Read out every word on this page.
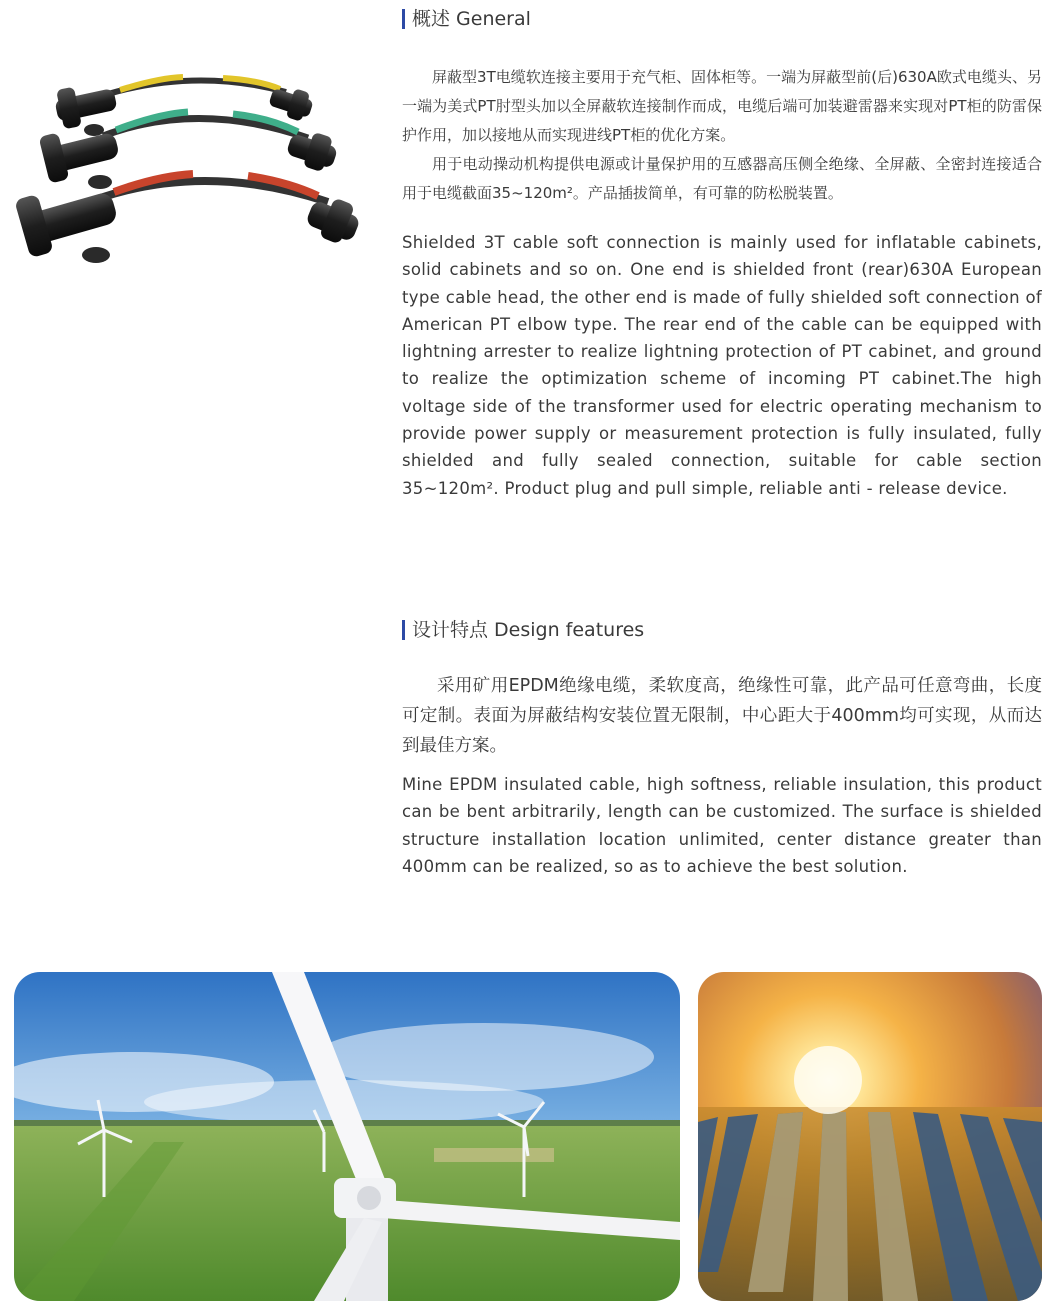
概述 General

屏蔽型3T电缆软连接主要用于充气柜、固体柜等。一端为屏蔽型前(后)630A欧式电缆头、另一端为美式PT肘型头加以全屏蔽软连接制作而成，电缆后端可加装避雷器来实现对PT柜的防雷保护作用，加以接地从而实现进线PT柜的优化方案。

用于电动操动机构提供电源或计量保护用的互感器高压侧全绝缘、全屏蔽、全密封连接适合用于电缆截面35~120m²。产品插拔简单，有可靠的防松脱装置。

Shielded 3T cable soft connection is mainly used for inflatable cabinets, solid cabinets and so on. One end is shielded front (rear)630A European type cable head, the other end is made of fully shielded soft connection of American PT elbow type. The rear end of the cable can be equipped with lightning arrester to realize lightning protection of PT cabinet, and ground to realize the optimization scheme of incoming PT cabinet.The high voltage side of the transformer used for electric operating mechanism to provide power supply or measurement protection is fully insulated, fully shielded and fully sealed connection, suitable for cable section 35~120m². Product plug and pull simple, reliable anti - release device.

设计特点 Design features

采用矿用EPDM绝缘电缆，柔软度高，绝缘性可靠，此产品可任意弯曲，长度可定制。表面为屏蔽结构安装位置无限制，中心距大于400mm均可实现，从而达到最佳方案。

Mine EPDM insulated cable, high softness, reliable insulation, this product can be bent arbitrarily, length can be customized. The surface is shielded structure installation location unlimited, center distance greater than 400mm can be realized, so as to achieve the best solution.
